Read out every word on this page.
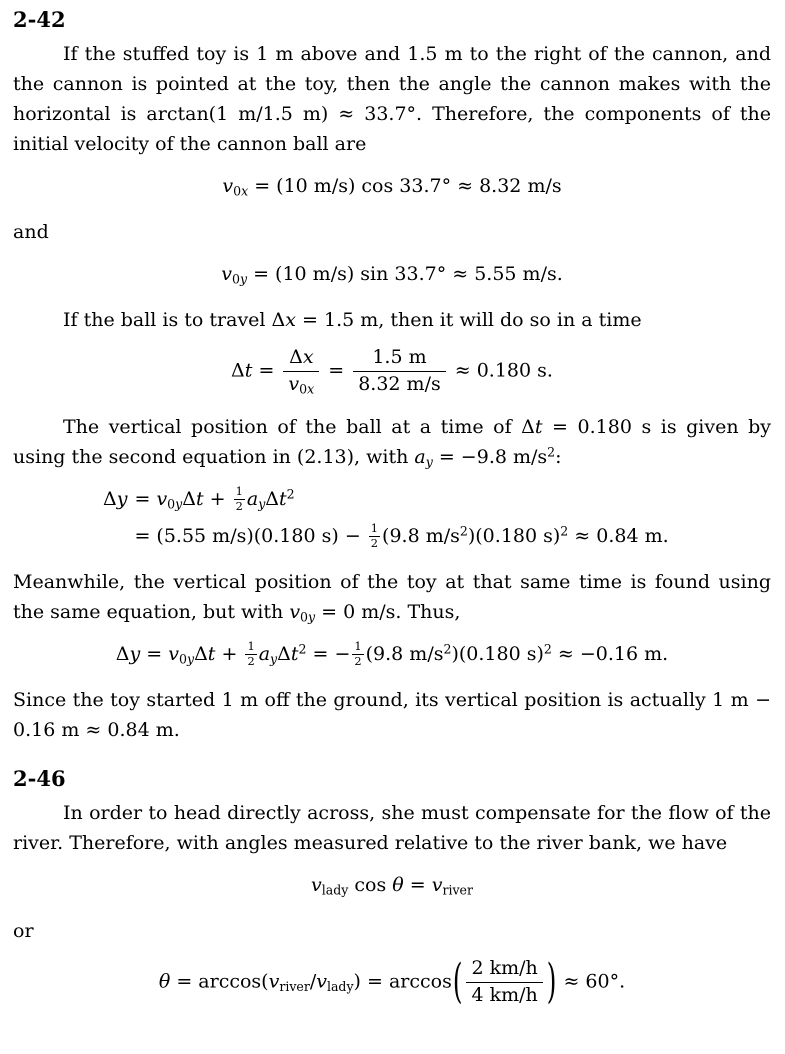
2-42

If the stuffed toy is 1 m above and 1.5 m to the right of the cannon, and the cannon is pointed at the toy, then the angle the cannon makes with the horizontal is arctan(1 m/1.5 m) ≈ 33.7°. Therefore, the components of the initial velocity of the cannon ball are

$v_{0x} = (10$ m/s) cos 33.7° ≈ 8.32 m/s

and

$v_{0y} = (10$ m/s) sin 33.7° ≈ 5.55 m/s.

If the ball is to travel Δx = 1.5 m, then it will do so in a time

$\Delta t = \frac{\Delta x}{v_{0x}} = \frac{1.5 m}{8.32 m/s} \approx 0.180$ s.

The vertical position of the ball at a time of Δt = 0.180 s is given by using the second equation in (2.13), with $a_y = -9.8$ $m/s^2$:

$\Delta y = v_{0y}\Delta t + \frac{1}{2} a_y\Delta t^2$
= (5.55 m/s)(0.180 $s) - \frac{1}{2} (9.8$ $m/s^2)(0.180$ s)$^2$ ≈ 0.84 m.

Meanwhile, the vertical position of the toy at that same time is found using the same equation, but with $v_{0y} = 0$ m/s. Thus,

$\Delta y = v_{0y}\Delta t + \frac{1}{2} a_y\Delta t^2$ = − $\frac{1}{2} (9.8$ $m/s^2)(0.180$ s)$^2$ ≈ −0.16 m.

Since the toy started 1 m off the ground, its vertical position is actually 1 m − 0.16 m ≈ 0.84 m.

2-46

In order to head directly across, she must compensate for the flow of the river. Therefore, with angles measured relative to the river bank, we have

$v_{lady}$ $\cos \theta = v_{river}$

or

$\theta = \arccos(v_{river}/v_{lady}) = \arccos( \frac{2 km/h}{4 km/h}$ ) ≈ 60°.
